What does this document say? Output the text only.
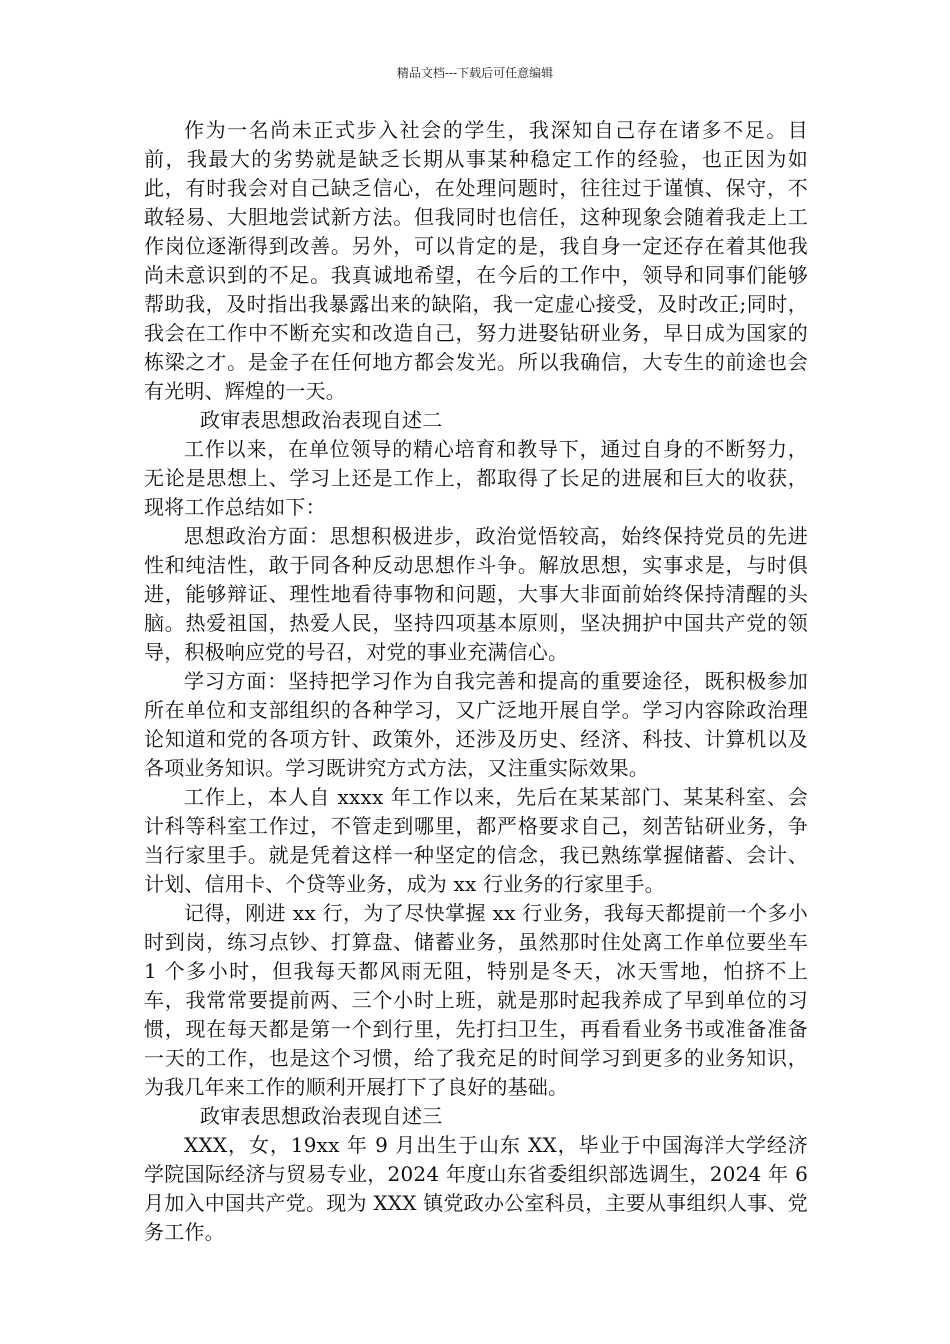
精品文档---下载后可任意编辑

作为一名尚未正式步入社会的学生，我深知自己存在诸多不足。目前，我最大的劣势就是缺乏长期从事某种稳定工作的经验，也正因为如此，有时我会对自己缺乏信心，在处理问题时，往往过于谨慎、保守，不敢轻易、大胆地尝试新方法。但我同时也信任，这种现象会随着我走上工作岗位逐渐得到改善。另外，可以肯定的是，我自身一定还存在着其他我尚未意识到的不足。我真诚地希望，在今后的工作中，领导和同事们能够帮助我，及时指出我暴露出来的缺陷，我一定虚心接受，及时改正;同时，我会在工作中不断充实和改造自己，努力进娶钻研业务，早日成为国家的栋梁之才。是金子在任何地方都会发光。所以我确信，大专生的前途也会有光明、辉煌的一天。

政审表思想政治表现自述二

工作以来，在单位领导的精心培育和教导下，通过自身的不断努力，无论是思想上、学习上还是工作上，都取得了长足的进展和巨大的收获，现将工作总结如下：

思想政治方面：思想积极进步，政治觉悟较高，始终保持党员的先进性和纯洁性，敢于同各种反动思想作斗争。解放思想，实事求是，与时俱进，能够辩证、理性地看待事物和问题，大事大非面前始终保持清醒的头脑。热爱祖国，热爱人民，坚持四项基本原则，坚决拥护中国共产党的领导，积极响应党的号召，对党的事业充满信心。

学习方面：坚持把学习作为自我完善和提高的重要途径，既积极参加所在单位和支部组织的各种学习，又广泛地开展自学。学习内容除政治理论知道和党的各项方针、政策外，还涉及历史、经济、科技、计算机以及各项业务知识。学习既讲究方式方法，又注重实际效果。

工作上，本人自 xxxx 年工作以来，先后在某某部门、某某科室、会计科等科室工作过，不管走到哪里，都严格要求自己，刻苦钻研业务，争当行家里手。就是凭着这样一种坚定的信念，我已熟练掌握储蓄、会计、计划、信用卡、个贷等业务，成为 xx 行业务的行家里手。

记得，刚进 xx 行，为了尽快掌握 xx 行业务，我每天都提前一个多小时到岗，练习点钞、打算盘、储蓄业务，虽然那时住处离工作单位要坐车 1 个多小时，但我每天都风雨无阻，特别是冬天，冰天雪地，怕挤不上车，我常常要提前两、三个小时上班，就是那时起我养成了早到单位的习惯，现在每天都是第一个到行里，先打扫卫生，再看看业务书或准备准备一天的工作，也是这个习惯，给了我充足的时间学习到更多的业务知识，为我几年来工作的顺利开展打下了良好的基础。

政审表思想政治表现自述三

XXX，女，19xx 年 9 月出生于山东 XX，毕业于中国海洋大学经济学院国际经济与贸易专业，2024 年度山东省委组织部选调生，2024 年 6 月加入中国共产党。现为 XXX 镇党政办公室科员，主要从事组织人事、党务工作。
